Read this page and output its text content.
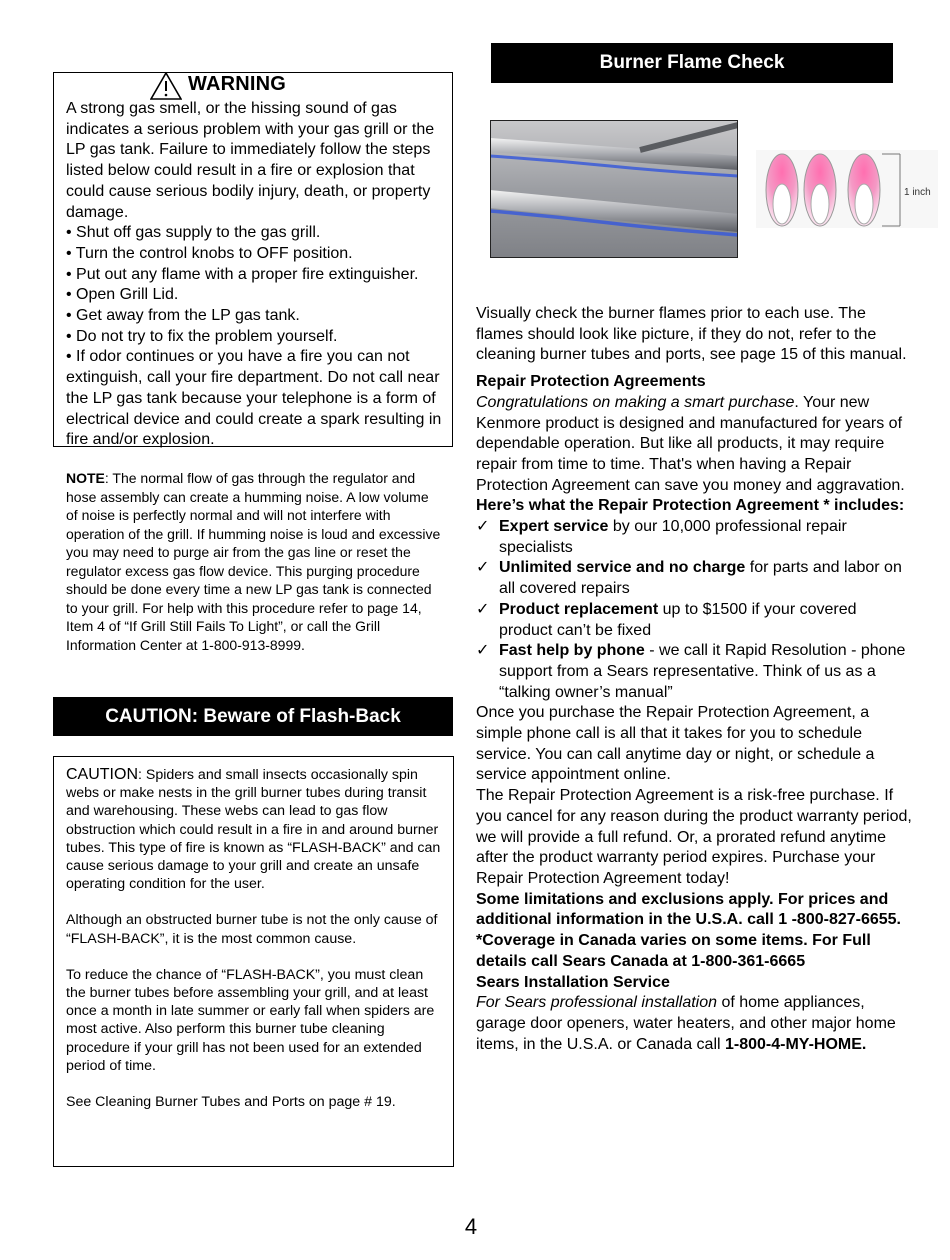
WARNING

A strong gas smell, or the hissing sound of gas indicates a serious problem with your gas grill or the LP gas tank. Failure to immediately follow the steps listed below could result in a fire or explosion that could cause serious bodily injury, death, or property damage.

• Shut off gas supply to the gas grill.

• Turn the control knobs to OFF position.

• Put out any flame with a proper fire extinguisher.

• Open Grill Lid.

• Get away from the LP gas tank.

• Do not try to fix the problem yourself.

• If odor continues or you have a fire you can not extinguish, call your fire department. Do not call near the LP gas tank because your telephone is a form of electrical device and could create a spark resulting in fire and/or explosion.

NOTE: The normal flow of gas through the regulator and hose assembly can create a humming noise. A low volume of noise is perfectly normal and will not interfere with operation of the grill. If humming noise is loud and excessive you may need to purge air from the gas line or reset the regulator excess gas flow device. This purging procedure should be done every time a new LP gas tank is connected to your grill. For help with this procedure refer to page 14, Item 4 of “If Grill Still Fails To Light”, or call the Grill Information Center at 1-800-913-8999.
CAUTION: Beware of Flash-Back

CAUTION: Spiders and small insects occasionally spin webs or make nests in the grill burner tubes during transit and warehousing. These webs can lead to gas flow obstruction which could result in a fire in and around burner tubes. This type of fire is known as “FLASH-BACK” and can cause serious damage to your grill and create an unsafe operating condition for the user.

Although an obstructed burner tube is not the only cause of “FLASH-BACK”, it is the most common cause.

To reduce the chance of “FLASH-BACK”, you must clean the burner tubes before assembling your grill, and at least once a month in late summer or early fall when spiders are most active. Also perform this burner tube cleaning procedure if your grill has not been used for an extended period of time.

See Cleaning Burner Tubes and Ports on page # 19.

Burner Flame Check
1 inch

Visually check the burner flames prior to each use. The flames should look like picture, if they do not, refer to the cleaning burner tubes and ports, see page 15 of this manual.

Repair Protection Agreements

Congratulations on making a smart purchase. Your new Kenmore product is designed and manufactured for years of dependable operation. But like all products, it may require repair from time to time. That's when having a Repair Protection Agreement can save you money and aggravation.

Here’s what the Repair Protection Agreement * includes:

✓ Expert service by our 10,000 professional repair specialists
✓ Unlimited service and no charge for parts and labor on all covered repairs
✓ Product replacement up to $1500 if your covered product can’t be fixed
✓ Fast help by phone - we call it Rapid Resolution - phone support from a Sears representative. Think of us as a “talking owner’s manual”

Once you purchase the Repair Protection Agreement, a simple phone call is all that it takes for you to schedule service. You can call anytime day or night, or schedule a service appointment online.

The Repair Protection Agreement is a risk-free purchase. If you cancel for any reason during the product warranty period, we will provide a full refund. Or, a prorated refund anytime after the product warranty period expires. Purchase your Repair Protection Agreement today!

Some limitations and exclusions apply. For prices and additional information in the U.S.A. call 1 -800-827-6655.

*Coverage in Canada varies on some items. For Full details call Sears Canada at 1-800-361-6665

Sears Installation Service

For Sears professional installation of home appliances, garage door openers, water heaters, and other major home items, in the U.S.A. or Canada call 1-800-4-MY-HOME.

4
